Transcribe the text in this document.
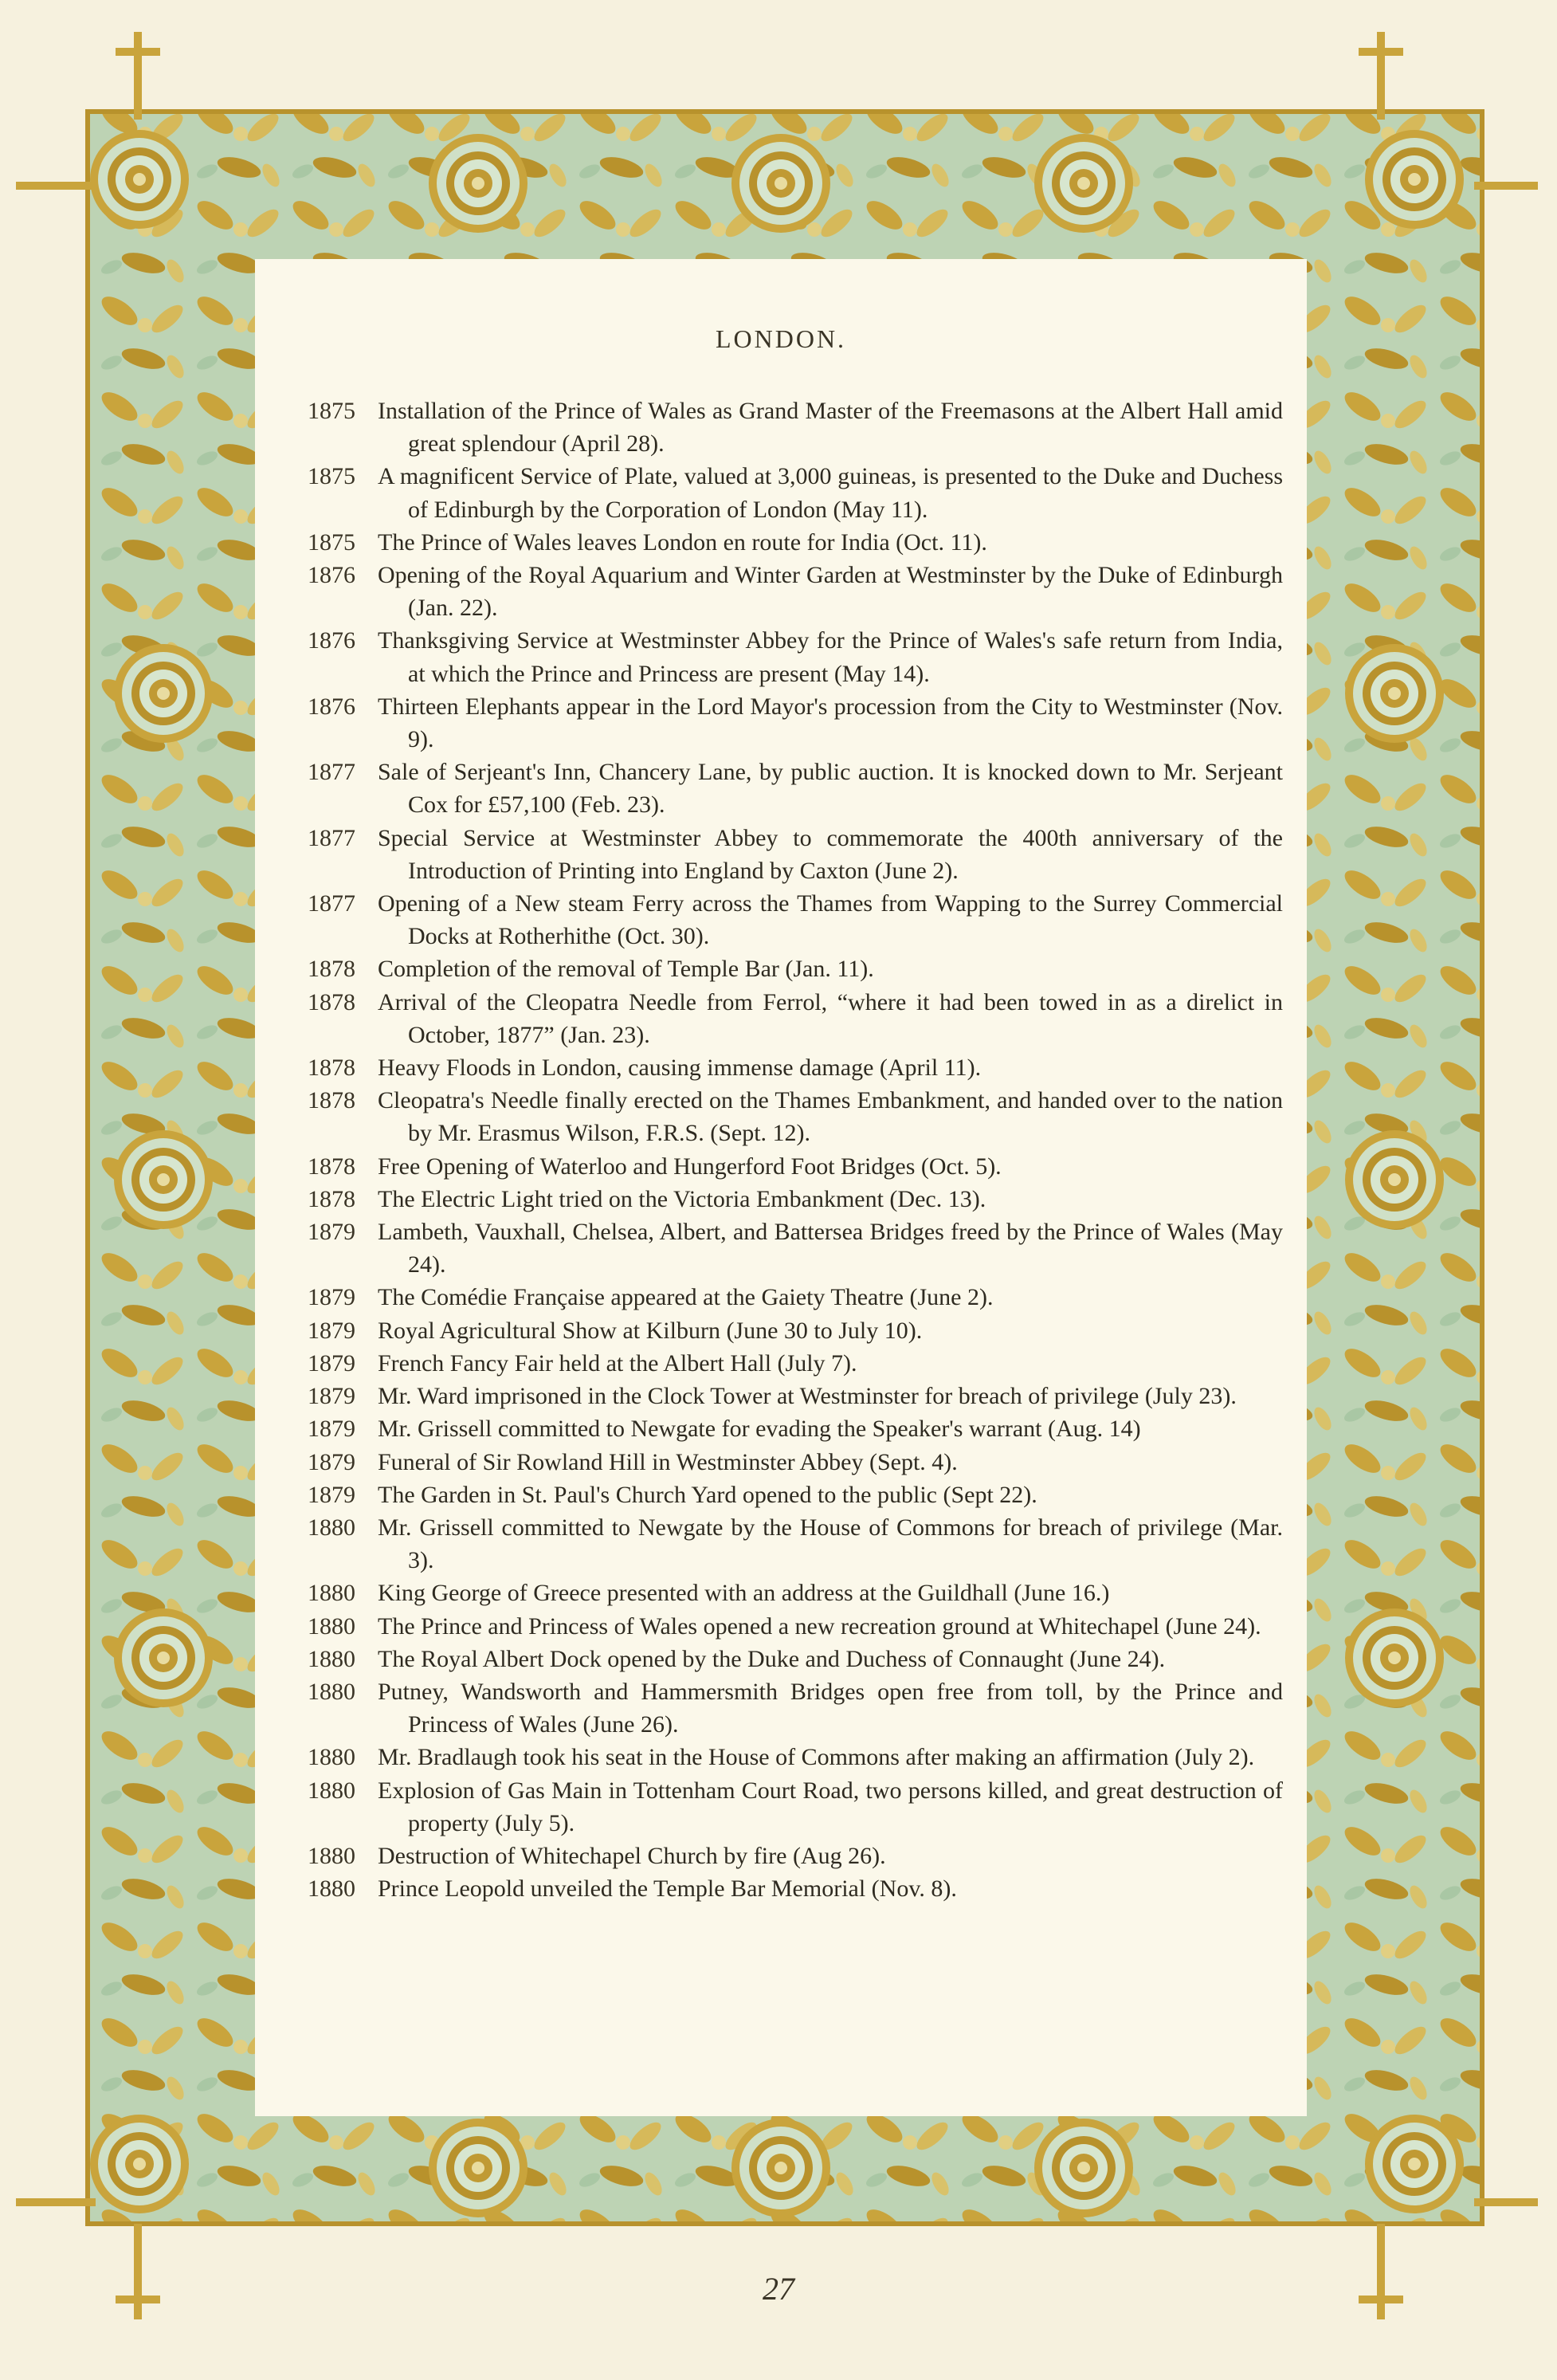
LONDON.
1875 Installation of the Prince of Wales as Grand Master of the Freemasons at the Albert Hall amid great splendour (April 28).
1875 A magnificent Service of Plate, valued at 3,000 guineas, is presented to the Duke and Duchess of Edinburgh by the Corporation of London (May 11).
1875 The Prince of Wales leaves London en route for India (Oct. 11).
1876 Opening of the Royal Aquarium and Winter Garden at Westminster by the Duke of Edinburgh (Jan. 22).
1876 Thanksgiving Service at Westminster Abbey for the Prince of Wales's safe return from India, at which the Prince and Princess are present (May 14).
1876 Thirteen Elephants appear in the Lord Mayor's procession from the City to Westminster (Nov. 9).
1877 Sale of Serjeant's Inn, Chancery Lane, by public auction. It is knocked down to Mr. Serjeant Cox for £57,100 (Feb. 23).
1877 Special Service at Westminster Abbey to commemorate the 400th anniversary of the Introduction of Printing into England by Caxton (June 2).
1877 Opening of a New steam Ferry across the Thames from Wapping to the Surrey Commercial Docks at Rotherhithe (Oct. 30).
1878 Completion of the removal of Temple Bar (Jan. 11).
1878 Arrival of the Cleopatra Needle from Ferrol, “where it had been towed in as a direlict in October, 1877” (Jan. 23).
1878 Heavy Floods in London, causing immense damage (April 11).
1878 Cleopatra's Needle finally erected on the Thames Embankment, and handed over to the nation by Mr. Erasmus Wilson, F.R.S. (Sept. 12).
1878 Free Opening of Waterloo and Hungerford Foot Bridges (Oct. 5).
1878 The Electric Light tried on the Victoria Embankment (Dec. 13).
1879 Lambeth, Vauxhall, Chelsea, Albert, and Battersea Bridges freed by the Prince of Wales (May 24).
1879 The Comédie Française appeared at the Gaiety Theatre (June 2).
1879 Royal Agricultural Show at Kilburn (June 30 to July 10).
1879 French Fancy Fair held at the Albert Hall (July 7).
1879 Mr. Ward imprisoned in the Clock Tower at Westminster for breach of privilege (July 23).
1879 Mr. Grissell committed to Newgate for evading the Speaker's warrant (Aug. 14)
1879 Funeral of Sir Rowland Hill in Westminster Abbey (Sept. 4).
1879 The Garden in St. Paul's Church Yard opened to the public (Sept 22).
1880 Mr. Grissell committed to Newgate by the House of Commons for breach of privilege (Mar. 3).
1880 King George of Greece presented with an address at the Guildhall (June 16.)
1880 The Prince and Princess of Wales opened a new recreation ground at Whitechapel (June 24).
1880 The Royal Albert Dock opened by the Duke and Duchess of Connaught (June 24).
1880 Putney, Wandsworth and Hammersmith Bridges open free from toll, by the Prince and Princess of Wales (June 26).
1880 Mr. Bradlaugh took his seat in the House of Commons after making an affirmation (July 2).
1880 Explosion of Gas Main in Tottenham Court Road, two persons killed, and great destruction of property (July 5).
1880 Destruction of Whitechapel Church by fire (Aug 26).
1880 Prince Leopold unveiled the Temple Bar Memorial (Nov. 8).
27
